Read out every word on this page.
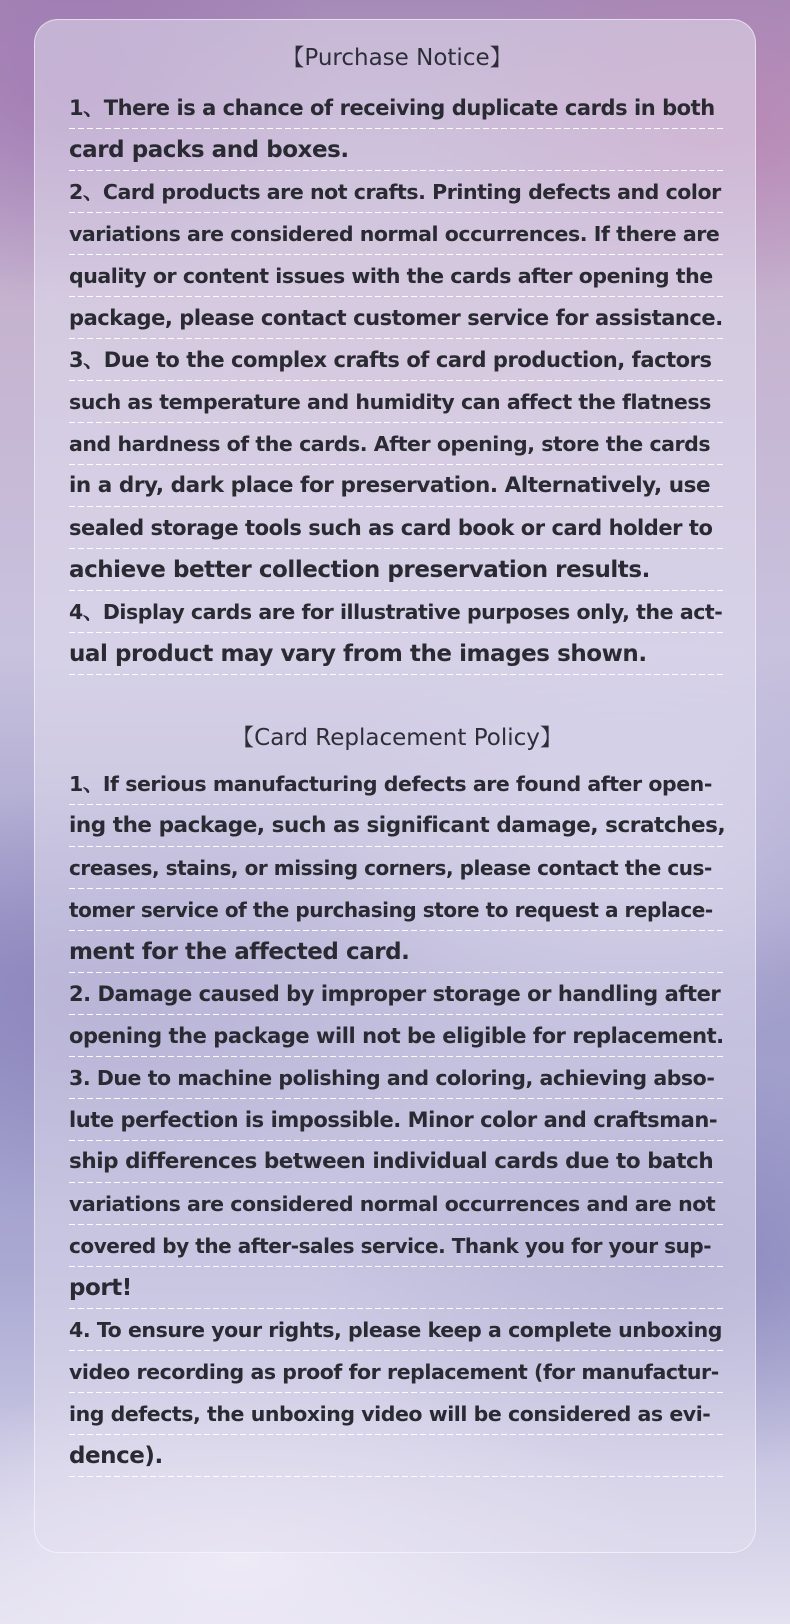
【Purchase Notice】
1、There is a chance of receiving duplicate cards in both
card packs and boxes.
2、Card products are not crafts. Printing defects and color
variations are considered normal occurrences. If there are
quality or content issues with the cards after opening the
package, please contact customer service for assistance.
3、Due to the complex crafts of card production, factors
such as temperature and humidity can affect the flatness
and hardness of the cards. After opening, store the cards
in a dry, dark place for preservation. Alternatively, use
sealed storage tools such as card book or card holder to
achieve better collection preservation results.
4、Display cards are for illustrative purposes only, the act-
ual product may vary from the images shown.
【Card Replacement Policy】
1、If serious manufacturing defects are found after open-
ing the package, such as significant damage, scratches,
creases, stains, or missing corners, please contact the cus-
tomer service of the purchasing store to request a replace-
ment for the affected card.
2. Damage caused by improper storage or handling after
opening the package will not be eligible for replacement.
3. Due to machine polishing and coloring, achieving abso-
lute perfection is impossible. Minor color and craftsman-
ship differences between individual cards due to batch
variations are considered normal occurrences and are not
covered by the after-sales service. Thank you for your sup-
port!
4. To ensure your rights, please keep a complete unboxing
video recording as proof for replacement (for manufactur-
ing defects, the unboxing video will be considered as evi-
dence).
